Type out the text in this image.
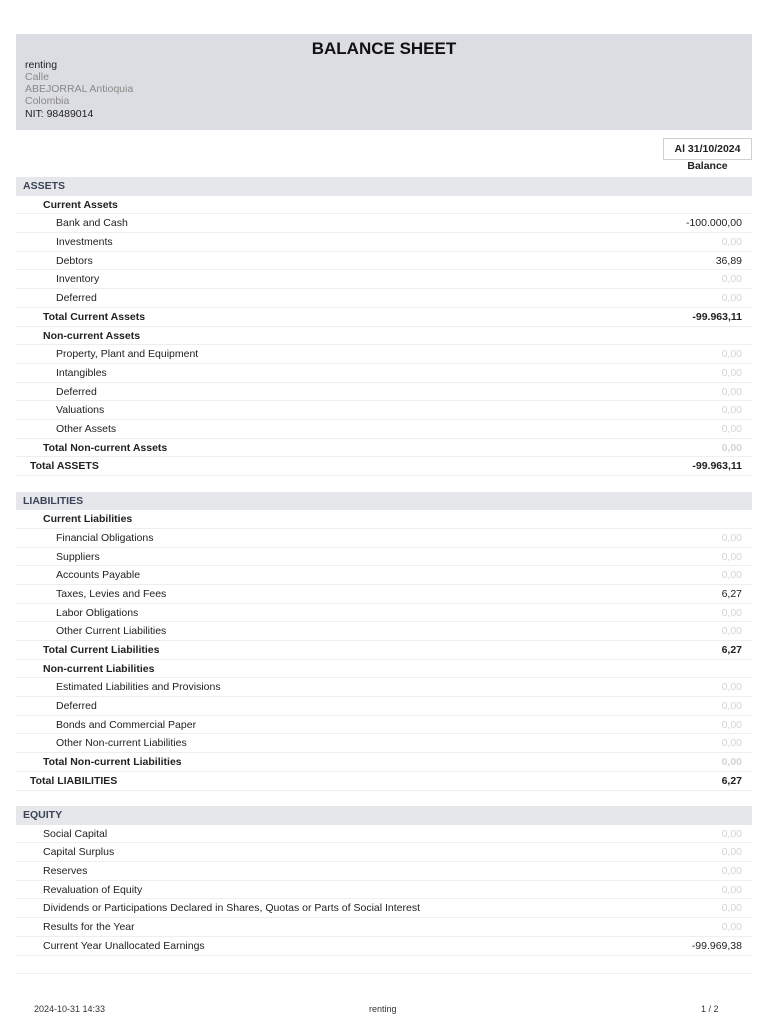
BALANCE SHEET
renting
Calle
ABEJORRAL Antioquia
Colombia
NIT: 98489014
Al 31/10/2024
Balance
ASSETS
Current Assets
Bank and Cash	-100.000,00
Investments	0,00
Debtors	36,89
Inventory	0,00
Deferred	0,00
Total Current Assets	-99.963,11
Non-current Assets
Property, Plant and Equipment	0,00
Intangibles	0,00
Deferred	0,00
Valuations	0,00
Other Assets	0,00
Total Non-current Assets	0,00
Total ASSETS	-99.963,11
LIABILITIES
Current Liabilities
Financial Obligations	0,00
Suppliers	0,00
Accounts Payable	0,00
Taxes, Levies and Fees	6,27
Labor Obligations	0,00
Other Current Liabilities	0,00
Total Current Liabilities	6,27
Non-current Liabilities
Estimated Liabilities and Provisions	0,00
Deferred	0,00
Bonds and Commercial Paper	0,00
Other Non-current Liabilities	0,00
Total Non-current Liabilities	0,00
Total LIABILITIES	6,27
EQUITY
Social Capital	0,00
Capital Surplus	0,00
Reserves	0,00
Revaluation of Equity	0,00
Dividends or Participations Declared in Shares, Quotas or Parts of Social Interest	0,00
Results for the Year	0,00
Current Year Unallocated Earnings	-99.969,38
2024-10-31 14:33	renting	1 / 2
